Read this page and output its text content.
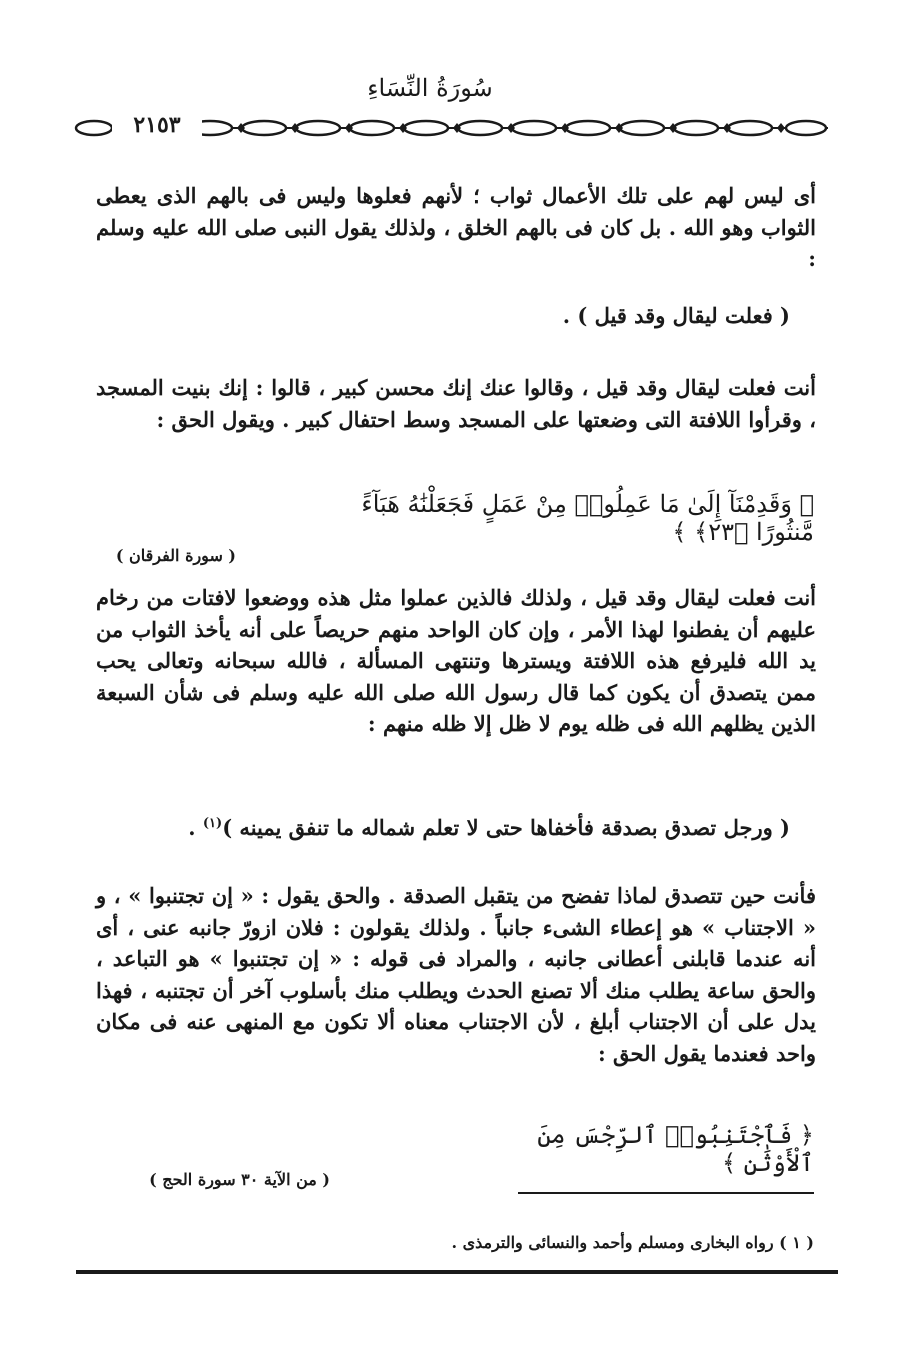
سُورَةُ النِّسَاءِ
٢١٥٣
أى ليس لهم على تلك الأعمال ثواب ؛ لأنهم فعلوها وليس فى بالهم الذى يعطى الثواب وهو الله . بل كان فى بالهم الخلق ، ولذلك يقول النبى صلى الله عليه وسلم :
( فعلت ليقال وقد قيل ) .
أنت فعلت ليقال وقد قيل ، وقالوا عنك إنك محسن كبير ، قالوا : إنك بنيت المسجد ، وقرأوا اللافتة التى وضعتها على المسجد وسط احتفال كبير . ويقول الحق :
﴿ وَقَدِمْنَآ إِلَىٰ مَا عَمِلُوا۟ مِنْ عَمَلٍ فَجَعَلْنَٰهُ هَبَآءً مَّنثُورًا ﴿٢٣﴾ ﴾
( سورة الفرقان )
أنت فعلت ليقال وقد قيل ، ولذلك فالذين عملوا مثل هذه ووضعوا لافتات من رخام عليهم أن يفطنوا لهذا الأمر ، وإن كان الواحد منهم حريصاً على أنه يأخذ الثواب من يد الله فليرفع هذه اللافتة ويسترها وتنتهى المسألة ، فالله سبحانه وتعالى يحب ممن يتصدق أن يكون كما قال رسول الله صلى الله عليه وسلم فى شأن السبعة الذين يظلهم الله فى ظله يوم لا ظل إلا ظله منهم :
( ورجل تصدق بصدقة فأخفاها حتى لا تعلم شماله ما تنفق يمينه )$^{(١)}$ .
فأنت حين تتصدق لماذا تفضح من يتقبل الصدقة . والحق يقول : « إن تجتنبوا » ، و « الاجتناب » هو إعطاء الشىء جانباً . ولذلك يقولون : فلان ازورّ جانبه عنى ، أى أنه عندما قابلنى أعطانى جانبه ، والمراد فى قوله : « إن تجتنبوا » هو التباعد ، والحق ساعة يطلب منك ألا تصنع الحدث ويطلب منك بأسلوب آخر أن تجتنبه ، فهذا يدل على أن الاجتناب أبلغ ، لأن الاجتناب معناه ألا تكون مع المنهى عنه فى مكان واحد فعندما يقول الحق :
﴿ فَٱجْتَنِبُوا۟ ٱلرِّجْسَ مِنَ ٱلْأَوْثَٰنِ ﴾
( من الآية ٣٠ سورة الحج )
( ١ ) رواه البخارى ومسلم وأحمد والنسائى والترمذى .
